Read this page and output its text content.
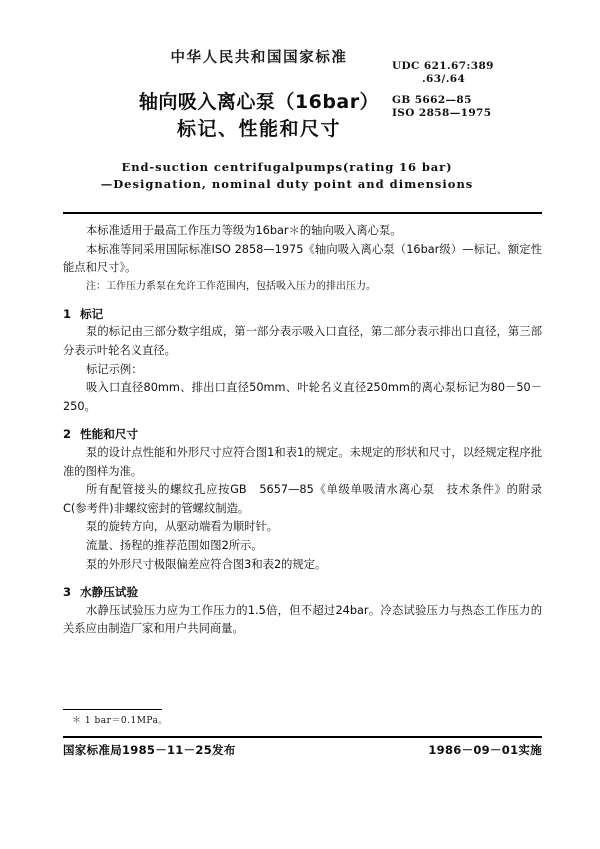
中华人民共和国国家标准	UDC 621.67:389
.63/.64
GB 5662—85
ISO 2858—1975
轴向吸入离心泵（16bar）
标记、性能和尺寸
End-suction centrifugalpumps(rating 16 bar)
—Designation, nominal duty point and dimensions

本标准适用于最高工作压力等级为16bar＊的轴向吸入离心泵。

本标准等同采用国际标准ISO 2858—1975《轴向吸入离心泵（16bar级）—标记、额定性能点和尺寸》。

注：工作压力系泵在允许工作范围内，包括吸入压力的排出压力。

1 标记

泵的标记由三部分数字组成，第一部分表示吸入口直径，第二部分表示排出口直径，第三部分表示叶轮名义直径。

标记示例：

吸入口直径80mm、排出口直径50mm、叶轮名义直径250mm的离心泵标记为80－50－250。

2 性能和尺寸

泵的设计点性能和外形尺寸应符合图1和表1的规定。未规定的形状和尺寸，以经规定程序批准的图样为准。

所有配管接头的螺纹孔应按GB　5657—85《单级单吸清水离心泵　技术条件》的附录C(参考件)非螺纹密封的管螺纹制造。

泵的旋转方向，从驱动端看为顺时针。

流量、扬程的推荐范围如图2所示。

泵的外形尺寸极限偏差应符合图3和表2的规定。

3 水静压试验

水静压试验压力应为工作压力的1.5倍，但不超过24bar。冷态试验压力与热态工作压力的关系应由制造厂家和用户共同商量。

＊ 1 bar＝0.1MPa。
国家标准局1985－11－25发布	1986－09－01实施
